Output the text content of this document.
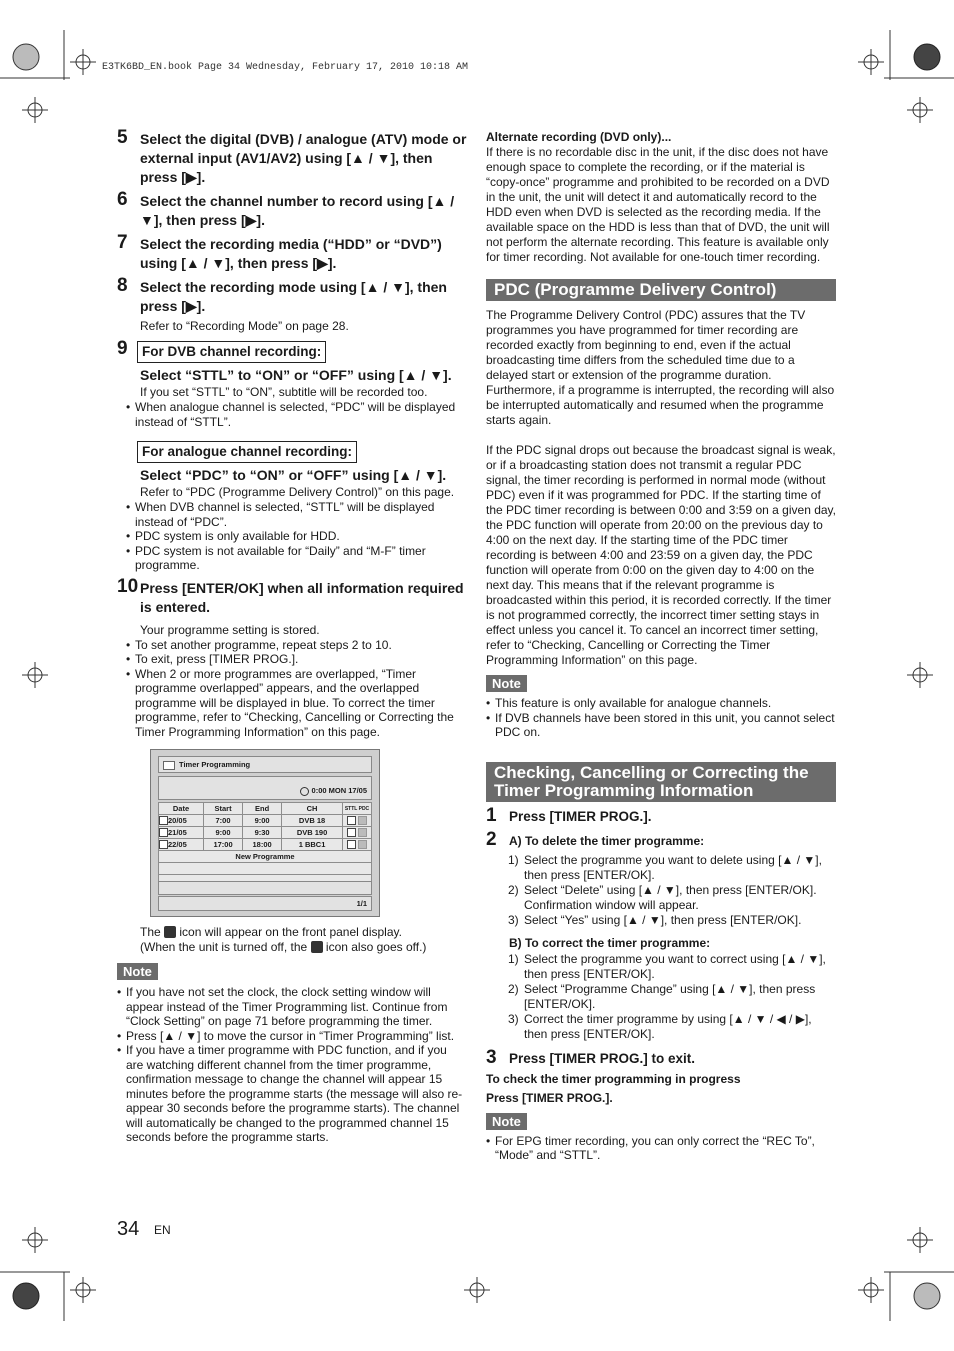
E3TK6BD_EN.book Page 34 Wednesday, February 17, 2010 10:18 AM
5 Select the digital (DVB) / analogue (ATV) mode or external input (AV1/AV2) using [▲ / ▼], then press [▶].
6 Select the channel number to record using [▲ / ▼], then press [▶].
7 Select the recording media (“HDD” or “DVD”) using [▲ / ▼], then press [▶].
8 Select the recording mode using [▲ / ▼], then press [▶].

Refer to “Recording Mode” on page 28.

9 For DVB channel recording:

Select “STTL” to “ON” or “OFF” using [▲ / ▼].

If you set “STTL” to “ON”, subtitle will be recorded too.

• When analogue channel is selected, “PDC” will be displayed instead of “STTL”.
For analogue channel recording:

Select “PDC” to “ON” or “OFF” using [▲ / ▼].

Refer to “PDC (Programme Delivery Control)” on this page.

• When DVB channel is selected, “STTL” will be displayed instead of “PDC”.
• PDC system is only available for HDD.
• PDC system is not available for “Daily” and “M-F” timer programme.
10 Press [ENTER/OK] when all information required is entered.

Your programme setting is stored.

• To set another programme, repeat steps 2 to 10.
• To exit, press [TIMER PROG.].
• When 2 or more programmes are overlapped, “Timer programme overlapped” appears, and the overlapped programme will be displayed in blue. To correct the timer programme, refer to “Checking, Cancelling or Correcting the Timer Programming Information” on this page.
Timer Programming
0:00 MON 17/05
Date	Start	End	CH	STTL PDC
20/05	7:00	9:00	DVB 18	
21/05	9:00	9:30	DVB 190	
22/05	17:00	18:00	1 BBC1	
New Programme				

1/1

The icon will appear on the front panel display.

(When the unit is turned off, the icon also goes off.)

Note
• If you have not set the clock, the clock setting window will appear instead of the Timer Programming list. Continue from “Clock Setting” on page 71 before programming the timer.
• Press [▲ / ▼] to move the cursor in “Timer Programming” list.
• If you have a timer programme with PDC function, and if you are watching different channel from the timer programme, confirmation message to change the channel will appear 15 minutes before the programme starts (the message will also re-appear 30 seconds before the programme starts). The channel will automatically be changed to the programmed channel 15 seconds before the programme starts.

Alternate recording (DVD only)...

If there is no recordable disc in the unit, if the disc does not have enough space to complete the recording, or if the material is “copy-once” programme and prohibited to be recorded on a DVD in the unit, the unit will detect it and automatically record to the HDD even when DVD is selected as the recording media. If the available space on the HDD is less than that of DVD, the unit will not perform the alternate recording. This feature is available only for timer recording. Not available for one-touch timer recording.

PDC (Programme Delivery Control)

The Programme Delivery Control (PDC) assures that the TV programmes you have programmed for timer recording are recorded exactly from beginning to end, even if the actual broadcasting time differs from the scheduled time due to a delayed start or extension of the programme duration. Furthermore, if a programme is interrupted, the recording will also be interrupted automatically and resumed when the programme starts again.

If the PDC signal drops out because the broadcast signal is weak, or if a broadcasting station does not transmit a regular PDC signal, the timer recording is performed in normal mode (without PDC) even if it was programmed for PDC. If the starting time of the PDC timer recording is between 0:00 and 3:59 on a given day, the PDC function will operate from 20:00 on the previous day to 4:00 on the next day. If the starting time of the PDC timer recording is between 4:00 and 23:59 on a given day, the PDC function will operate from 0:00 on the given day to 4:00 on the next day. This means that if the relevant programme is broadcasted within this period, it is recorded correctly. If the timer is not programmed correctly, the incorrect timer setting stays in effect unless you cancel it. To cancel an incorrect timer setting, refer to “Checking, Cancelling or Correcting the Timer Programming Information” on this page.

Note
• This feature is only available for analogue channels.
• If DVB channels have been stored in this unit, you cannot select PDC on.
Checking, Cancelling or Correcting the Timer Programming Information
1 Press [TIMER PROG.].
2 A) To delete the timer programme:
1) Select the programme you want to delete using [▲ / ▼], then press [ENTER/OK].
2) Select “Delete” using [▲ / ▼], then press [ENTER/OK]. Confirmation window will appear.
3) Select “Yes” using [▲ / ▼], then press [ENTER/OK].

B) To correct the timer programme:

1) Select the programme you want to correct using [▲ / ▼], then press [ENTER/OK].
2) Select “Programme Change” using [▲ / ▼], then press [ENTER/OK].
3) Correct the timer programme by using [▲ / ▼ / ◀ / ▶], then press [ENTER/OK].
3 Press [TIMER PROG.] to exit.

To check the timer programming in progress

Press [TIMER PROG.].

Note
• For EPG timer recording, you can only correct the “REC To”, “Mode” and “STTL”.
34 EN
